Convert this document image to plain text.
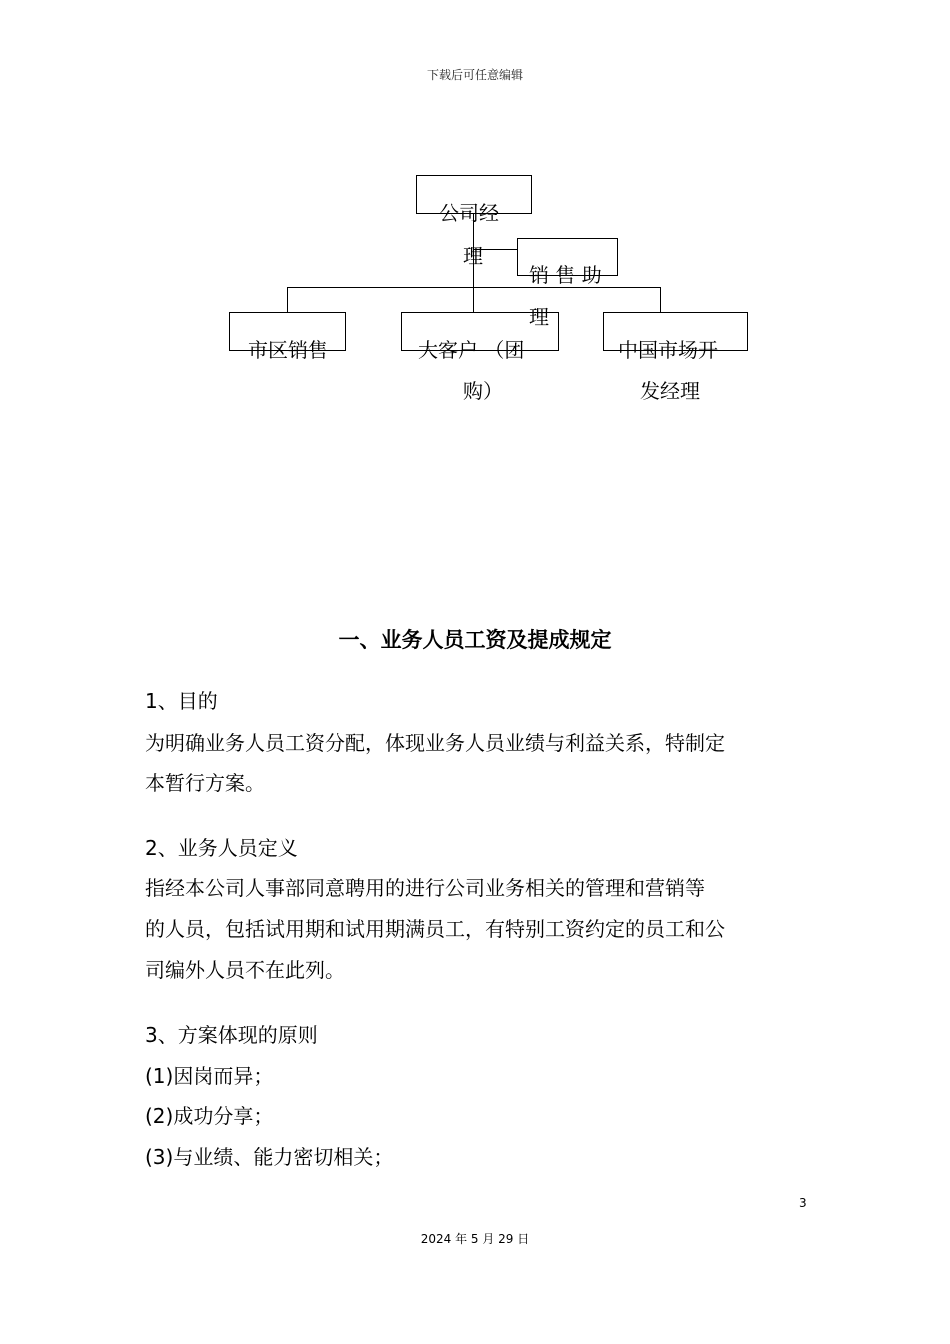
下载后可任意编辑
公司经
理
销 售 助
理
市区销售	大客户 （团
购）
中国市场开
发经理
一、业务人员工资及提成规定
1、目的
为明确业务人员工资分配，体现业务人员业绩与利益关系，特制定
本暂行方案。
2、业务人员定义
指经本公司人事部同意聘用的进行公司业务相关的管理和营销等
的人员，包括试用期和试用期满员工，有特别工资约定的员工和公
司编外人员不在此列。
3、方案体现的原则
(1)因岗而异；
(2)成功分享；
(3)与业绩、能力密切相关；
3
2024 年 5 月 29 日
